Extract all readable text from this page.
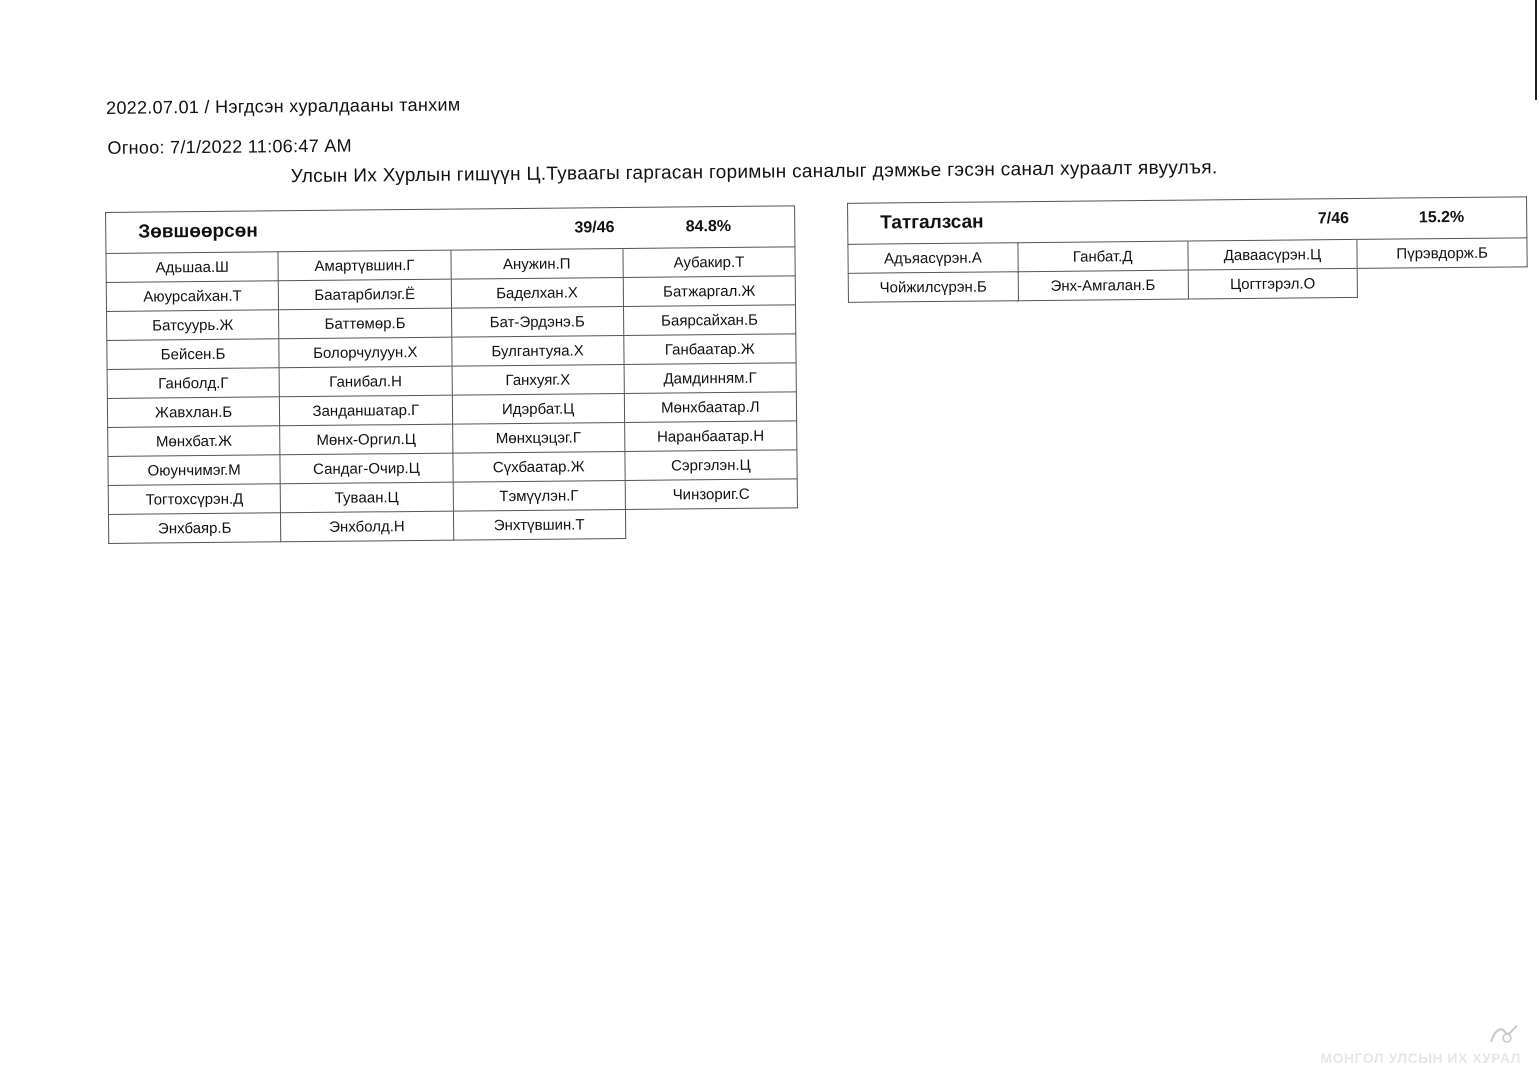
2022.07.01 / Нэгдсэн хуралдааны танхим
Огноо: 7/1/2022 11:06:47 AM
Улсын Их Хурлын гишүүн Ц.Туваагы гаргасан горимын саналыг дэмжье гэсэн санал хураалт явуулъя.
Зөвшөөрсөн		39/46	84.8%
Адьшаа.Ш	Амартүвшин.Г	Анужин.П	Аубакир.Т
Аюурсайхан.Т	Баатарбилэг.Ё	Баделхан.Х	Батжаргал.Ж
Батсуурь.Ж	Баттөмөр.Б	Бат-Эрдэнэ.Б	Баярсайхан.Б
Бейсен.Б	Болорчулуун.Х	Булгантуяа.Х	Ганбаатар.Ж
Ганболд.Г	Ганибал.Н	Ганхуяг.Х	Дамдинням.Г
Жавхлан.Б	Занданшатар.Г	Идэрбат.Ц	Мөнхбаатар.Л
Мөнхбат.Ж	Мөнх-Оргил.Ц	Мөнхцэцэг.Г	Наранбаатар.Н
Оюунчимэг.М	Сандаг-Очир.Ц	Сүхбаатар.Ж	Сэргэлэн.Ц
Тогтохсүрэн.Д	Тувaан.Ц	Тэмүүлэн.Г	Чинзориг.С
Энхбаяр.Б	Энхболд.Н	Энхтүвшин.Т	
Татгалзсан		7/46	15.2%
Адъяасүрэн.А	Ганбат.Д	Даваасүрэн.Ц	Пүрэвдорж.Б
Чойжилсүрэн.Б	Энх-Амгалан.Б	Цогтгэрэл.О	
МОНГОЛ УЛСЫН ИХ ХУРАЛ
